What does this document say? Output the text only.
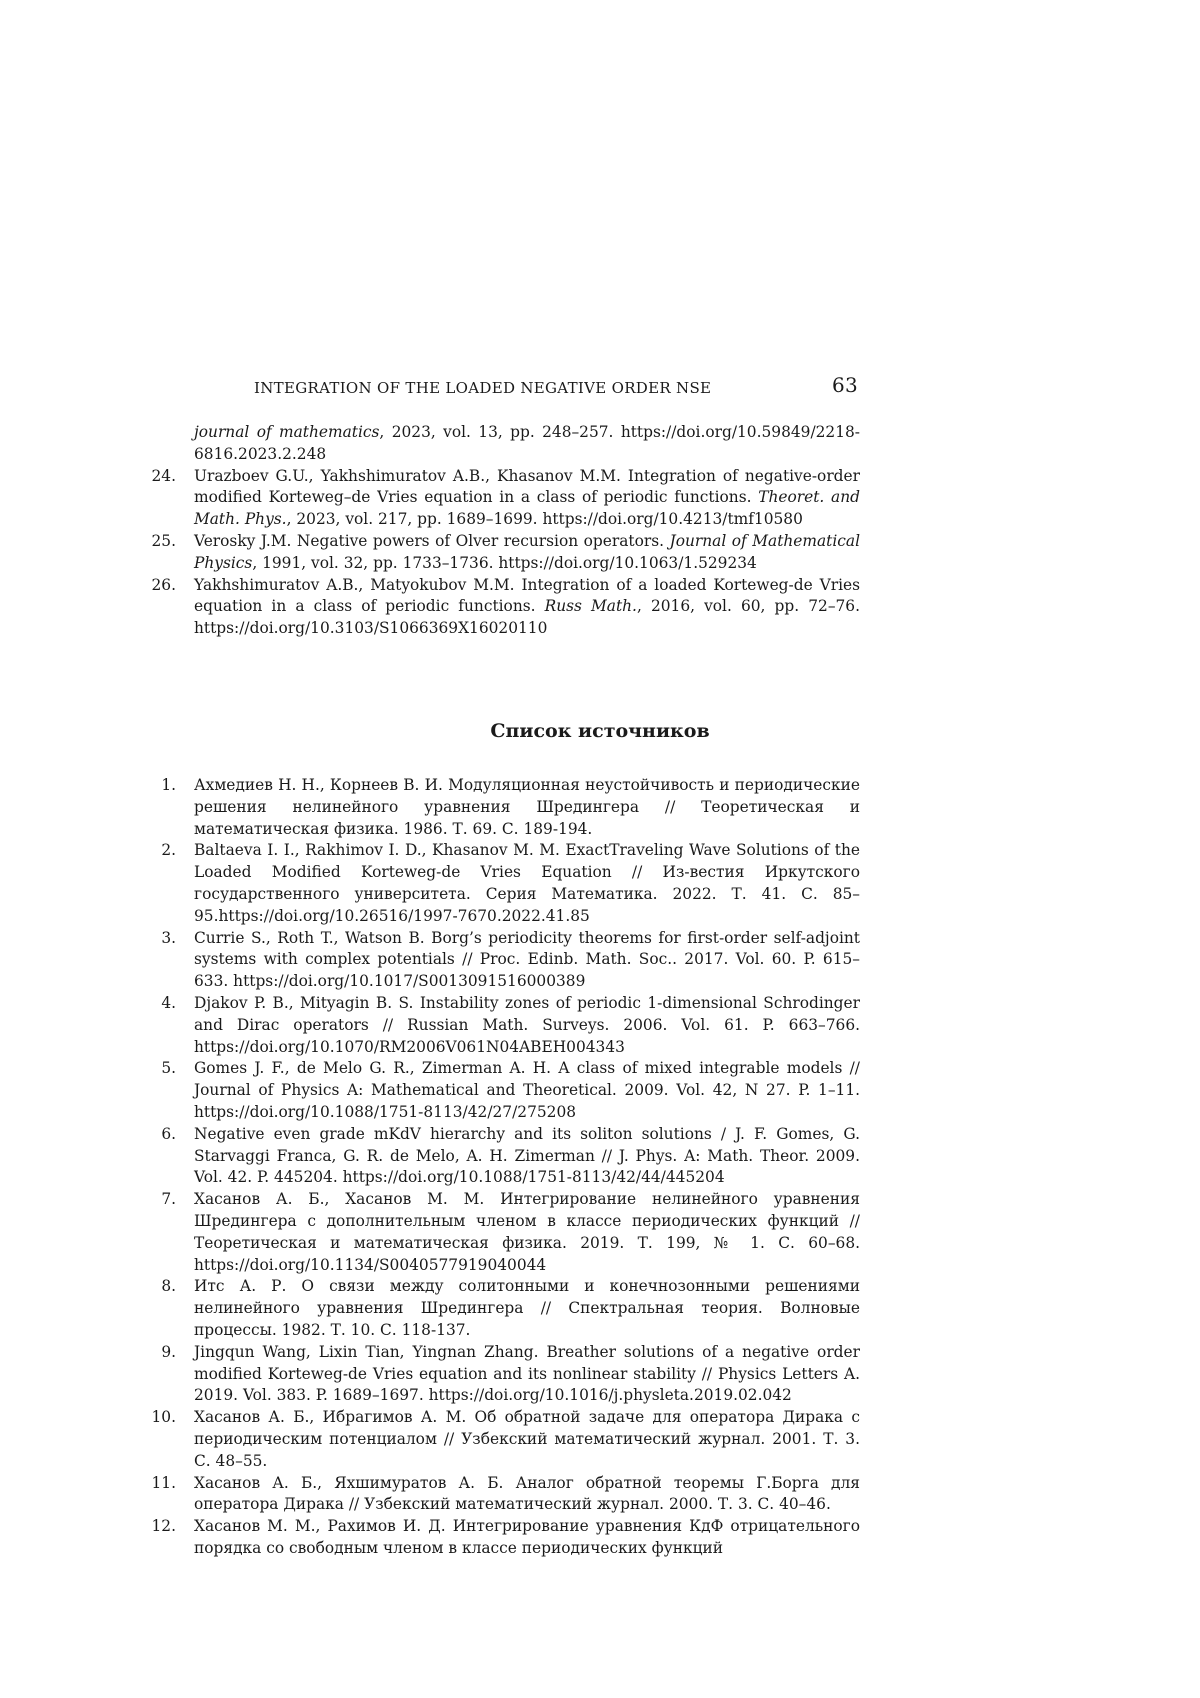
INTEGRATION OF THE LOADED NEGATIVE ORDER NSE	63
journal of mathematics, 2023, vol. 13, pp. 248–257. https://doi.org/10.59849/2218-6816.2023.2.248
24.	Urazboev G.U., Yakhshimuratov A.B., Khasanov M.M. Integration of negative-order modified Korteweg–de Vries equation in a class of periodic functions. Theoret. and Math. Phys., 2023, vol. 217, pp. 1689–1699. https://doi.org/10.4213/tmf10580
25.	Verosky J.M. Negative powers of Olver recursion operators. Journal of Mathematical Physics, 1991, vol. 32, pp. 1733–1736. https://doi.org/10.1063/1.529234
26.	Yakhshimuratov A.B., Matyokubov M.M. Integration of a loaded Korteweg-de Vries equation in a class of periodic functions. Russ Math., 2016, vol. 60, pp. 72–76. https://doi.org/10.3103/S1066369X16020110
Список источников
1.	Ахмедиев Н. Н., Корнеев В. И. Модуляционная неустойчивость и периодические решения нелинейного уравнения Шредингера // Теоретическая и математическая физика. 1986. Т. 69. С. 189-194.
2.	Baltaeva I. I., Rakhimov I. D., Khasanov M. M. ExactTraveling Wave Solutions of the Loaded Modified Korteweg-de Vries Equation // Из-вестия Иркутского государственного университета. Серия Математика. 2022. Т. 41. С. 85–95.https://doi.org/10.26516/1997-7670.2022.41.85
3.	Currie S., Roth T., Watson B. Borg’s periodicity theorems for first-order self-adjoint systems with complex potentials // Proc. Edinb. Math. Soc.. 2017. Vol. 60. P. 615–633. https://doi.org/10.1017/S0013091516000389
4.	Djakov P. B., Mityagin B. S. Instability zones of periodic 1-dimensional Schrodinger and Dirac operators // Russian Math. Surveys. 2006. Vol. 61. P. 663–766. https://doi.org/10.1070/RM2006V061N04ABEH004343
5.	Gomes J. F., de Melo G. R., Zimerman A. H. A class of mixed integrable models // Journal of Physics A: Mathematical and Theoretical. 2009. Vol. 42, N 27. P. 1–11. https://doi.org/10.1088/1751-8113/42/27/275208
6.	Negative even grade mKdV hierarchy and its soliton solutions / J. F. Gomes, G. Starvaggi Franca, G. R. de Melo, A. H. Zimerman // J. Phys. A: Math. Theor. 2009. Vol. 42. P. 445204. https://doi.org/10.1088/1751-8113/42/44/445204
7.	Хасанов А. Б., Хасанов М. М. Интегрирование нелинейного уравнения Шредингера с дополнительным членом в классе периодических функций // Теоретическая и математическая физика. 2019. Т. 199, № 1. С. 60–68. https://doi.org/10.1134/S0040577919040044
8.	Итс А. Р. О связи между солитонными и конечнозонными решениями нелинейного уравнения Шредингера // Спектральная теория. Волновые процессы. 1982. Т. 10. С. 118-137.
9.	Jingqun Wang, Lixin Tian, Yingnan Zhang. Breather solutions of a negative order modified Korteweg-de Vries equation and its nonlinear stability // Physics Letters A. 2019. Vol. 383. P. 1689–1697. https://doi.org/10.1016/j.physleta.2019.02.042
10.	Хасанов А. Б., Ибрагимов А. М. Об обратной задаче для оператора Дирака с периодическим потенциалом // Узбекский математический журнал. 2001. Т. 3. С. 48–55.
11.	Хасанов А. Б., Яхшимуратов А. Б. Аналог обратной теоремы Г.Борга для оператора Дирака // Узбекский математический журнал. 2000. Т. 3. С. 40–46.
12.	Хасанов М. М., Рахимов И. Д. Интегрирование уравнения КдФ отрицательного порядка со свободным членом в классе периодических функций
